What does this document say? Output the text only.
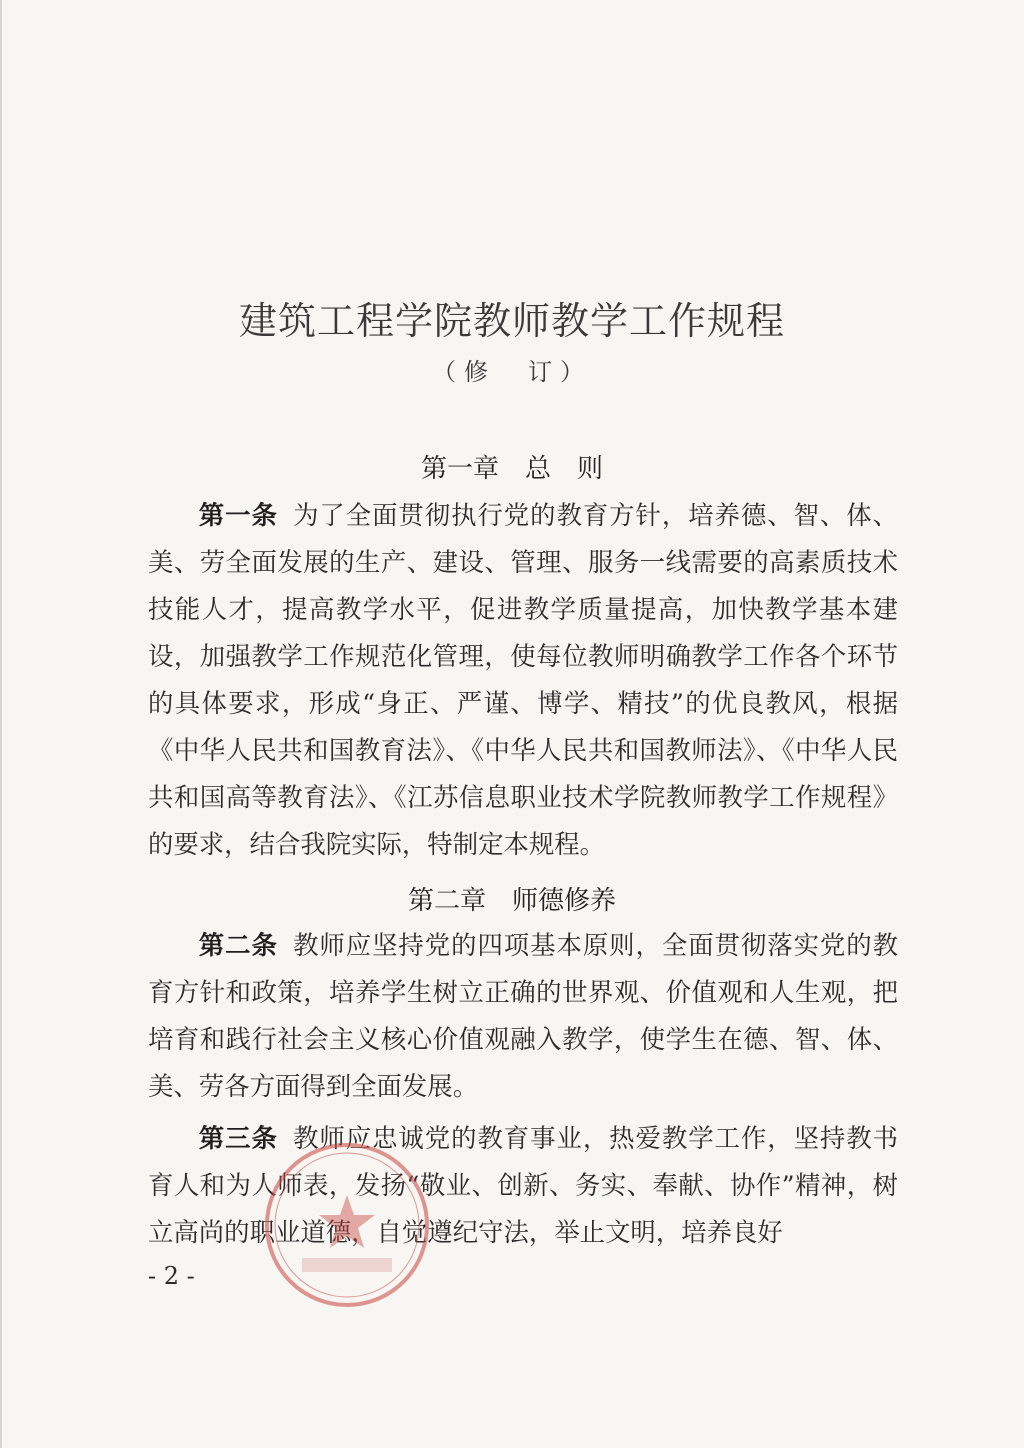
建筑工程学院教师教学工作规程
（修　订）
第一章　总　则
第一条 为了全面贯彻执行党的教育方针，培养德、智、体、美、劳全面发展的生产、建设、管理、服务一线需要的高素质技术技能人才，提高教学水平，促进教学质量提高，加快教学基本建设，加强教学工作规范化管理，使每位教师明确教学工作各个环节的具体要求，形成“身正、严谨、博学、精技”的优良教风，根据《中华人民共和国教育法》、《中华人民共和国教师法》、《中华人民共和国高等教育法》、《江苏信息职业技术学院教师教学工作规程》的要求，结合我院实际，特制定本规程。
第二章　师德修养
第二条 教师应坚持党的四项基本原则，全面贯彻落实党的教育方针和政策，培养学生树立正确的世界观、价值观和人生观，把培育和践行社会主义核心价值观融入教学，使学生在德、智、体、美、劳各方面得到全面发展。
第三条 教师应忠诚党的教育事业，热爱教学工作，坚持教书育人和为人师表，发扬“敬业、创新、务实、奉献、协作”精神，树立高尚的职业道德，自觉遵纪守法，举止文明，培养良好
- 2 -
